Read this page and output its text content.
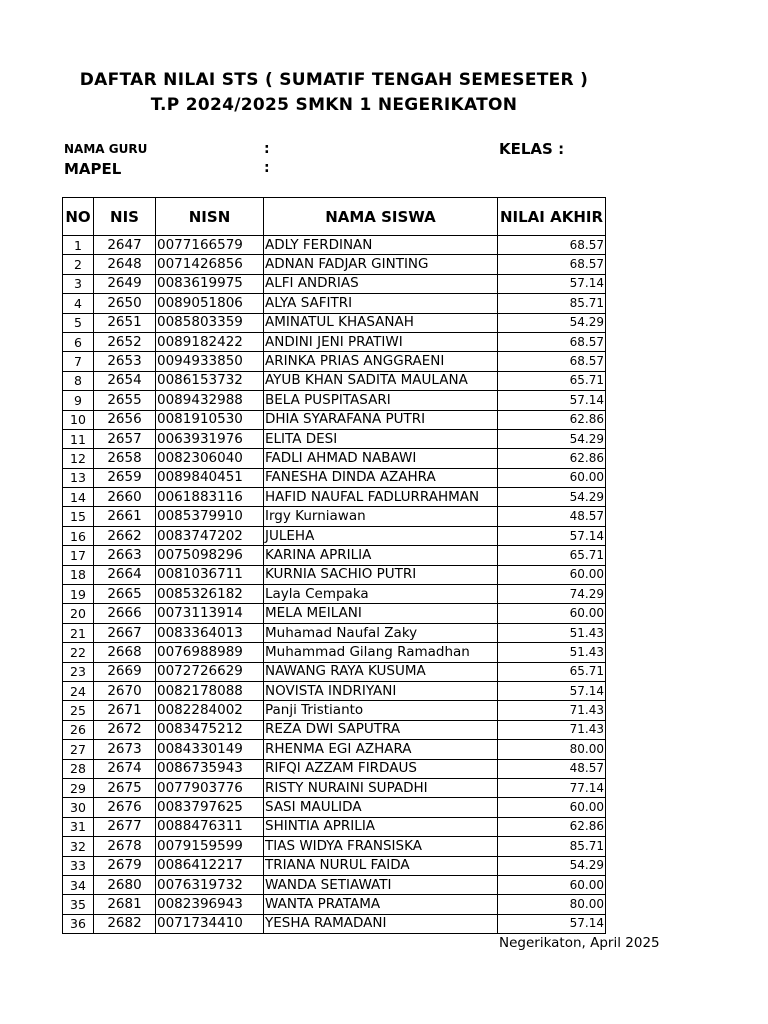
DAFTAR NILAI STS ( SUMATIF TENGAH SEMESETER )
T.P 2024/2025 SMKN 1 NEGERIKATON
NAMA GURU	:	KELAS :
MAPEL	:
NO	NIS	NISN	NAMA SISWA	NILAI AKHIR
1	2647	0077166579	ADLY FERDINAN	68.57
2	2648	0071426856	ADNAN FADJAR GINTING	68.57
3	2649	0083619975	ALFI ANDRIAS	57.14
4	2650	0089051806	ALYA SAFITRI	85.71
5	2651	0085803359	AMINATUL KHASANAH	54.29
6	2652	0089182422	ANDINI JENI PRATIWI	68.57
7	2653	0094933850	ARINKA PRIAS ANGGRAENI	68.57
8	2654	0086153732	AYUB KHAN SADITA MAULANA	65.71
9	2655	0089432988	BELA PUSPITASARI	57.14
10	2656	0081910530	DHIA SYARAFANA PUTRI	62.86
11	2657	0063931976	ELITA DESI	54.29
12	2658	0082306040	FADLI AHMAD NABAWI	62.86
13	2659	0089840451	FANESHA DINDA AZAHRA	60.00
14	2660	0061883116	HAFID NAUFAL FADLURRAHMAN	54.29
15	2661	0085379910	Irgy Kurniawan	48.57
16	2662	0083747202	JULEHA	57.14
17	2663	0075098296	KARINA APRILIA	65.71
18	2664	0081036711	KURNIA SACHIO PUTRI	60.00
19	2665	0085326182	Layla Cempaka	74.29
20	2666	0073113914	MELA MEILANI	60.00
21	2667	0083364013	Muhamad Naufal Zaky	51.43
22	2668	0076988989	Muhammad Gilang Ramadhan	51.43
23	2669	0072726629	NAWANG RAYA KUSUMA	65.71
24	2670	0082178088	NOVISTA INDRIYANI	57.14
25	2671	0082284002	Panji Tristianto	71.43
26	2672	0083475212	REZA DWI SAPUTRA	71.43
27	2673	0084330149	RHENMA EGI AZHARA	80.00
28	2674	0086735943	RIFQI AZZAM FIRDAUS	48.57
29	2675	0077903776	RISTY NURAINI SUPADHI	77.14
30	2676	0083797625	SASI MAULIDA	60.00
31	2677	0088476311	SHINTIA APRILIA	62.86
32	2678	0079159599	TIAS WIDYA FRANSISKA	85.71
33	2679	0086412217	TRIANA NURUL FAIDA	54.29
34	2680	0076319732	WANDA SETIAWATI	60.00
35	2681	0082396943	WANTA PRATAMA	80.00
36	2682	0071734410	YESHA RAMADANI	57.14
Negerikaton, April 2025
